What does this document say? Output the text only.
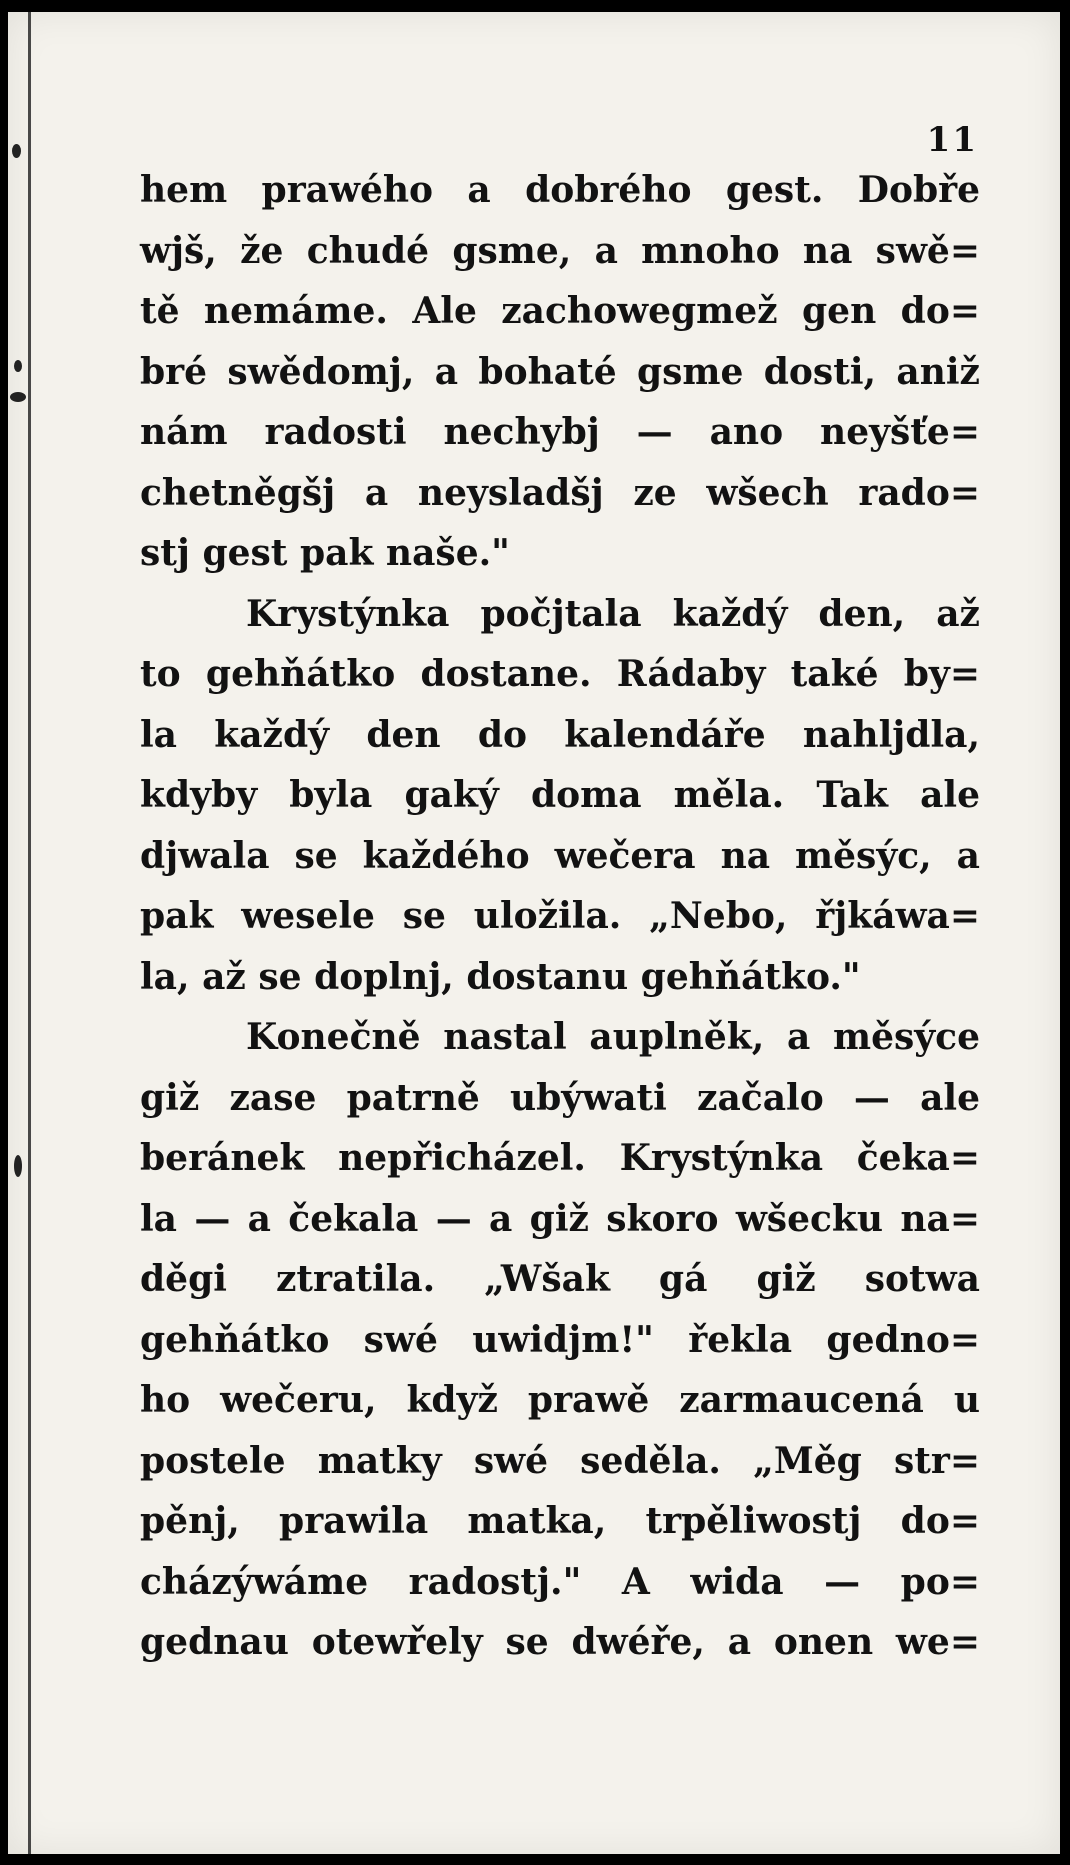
11
hem prawého a dobrého gest. Dobře
wjš, že chudé gsme, a mnoho na swě=
tě nemáme. Ale zachowegmež gen do=
bré swědomj, a bohaté gsme dosti, aniž
nám radosti nechybj — ano neyšťe=
chetněgšj a neysladšj ze wšech rado=
stj gest pak naše."
Krystýnka počjtala každý den, až
to gehňátko dostane. Rádaby také by=
la každý den do kalendáře nahljdla,
kdyby byla gaký doma měla. Tak ale
djwala se každého wečera na měsýc, a
pak wesele se uložila. „Nebo, řjkáwa=
la, až se doplnj, dostanu gehňátko."
Konečně nastal auplněk, a měsýce
giž zase patrně ubýwati začalo — ale
beránek nepřicházel. Krystýnka čeka=
la — a čekala — a giž skoro wšecku na=
děgi ztratila. „Wšak gá giž sotwa
gehňátko swé uwidjm!" řekla gedno=
ho wečeru, když prawě zarmaucená u
postele matky swé seděla. „Měg str=
pěnj, prawila matka, trpěliwostj do=
cházýwáme radostj." A wida — po=
gednau otewřely se dwéře, a onen we=
